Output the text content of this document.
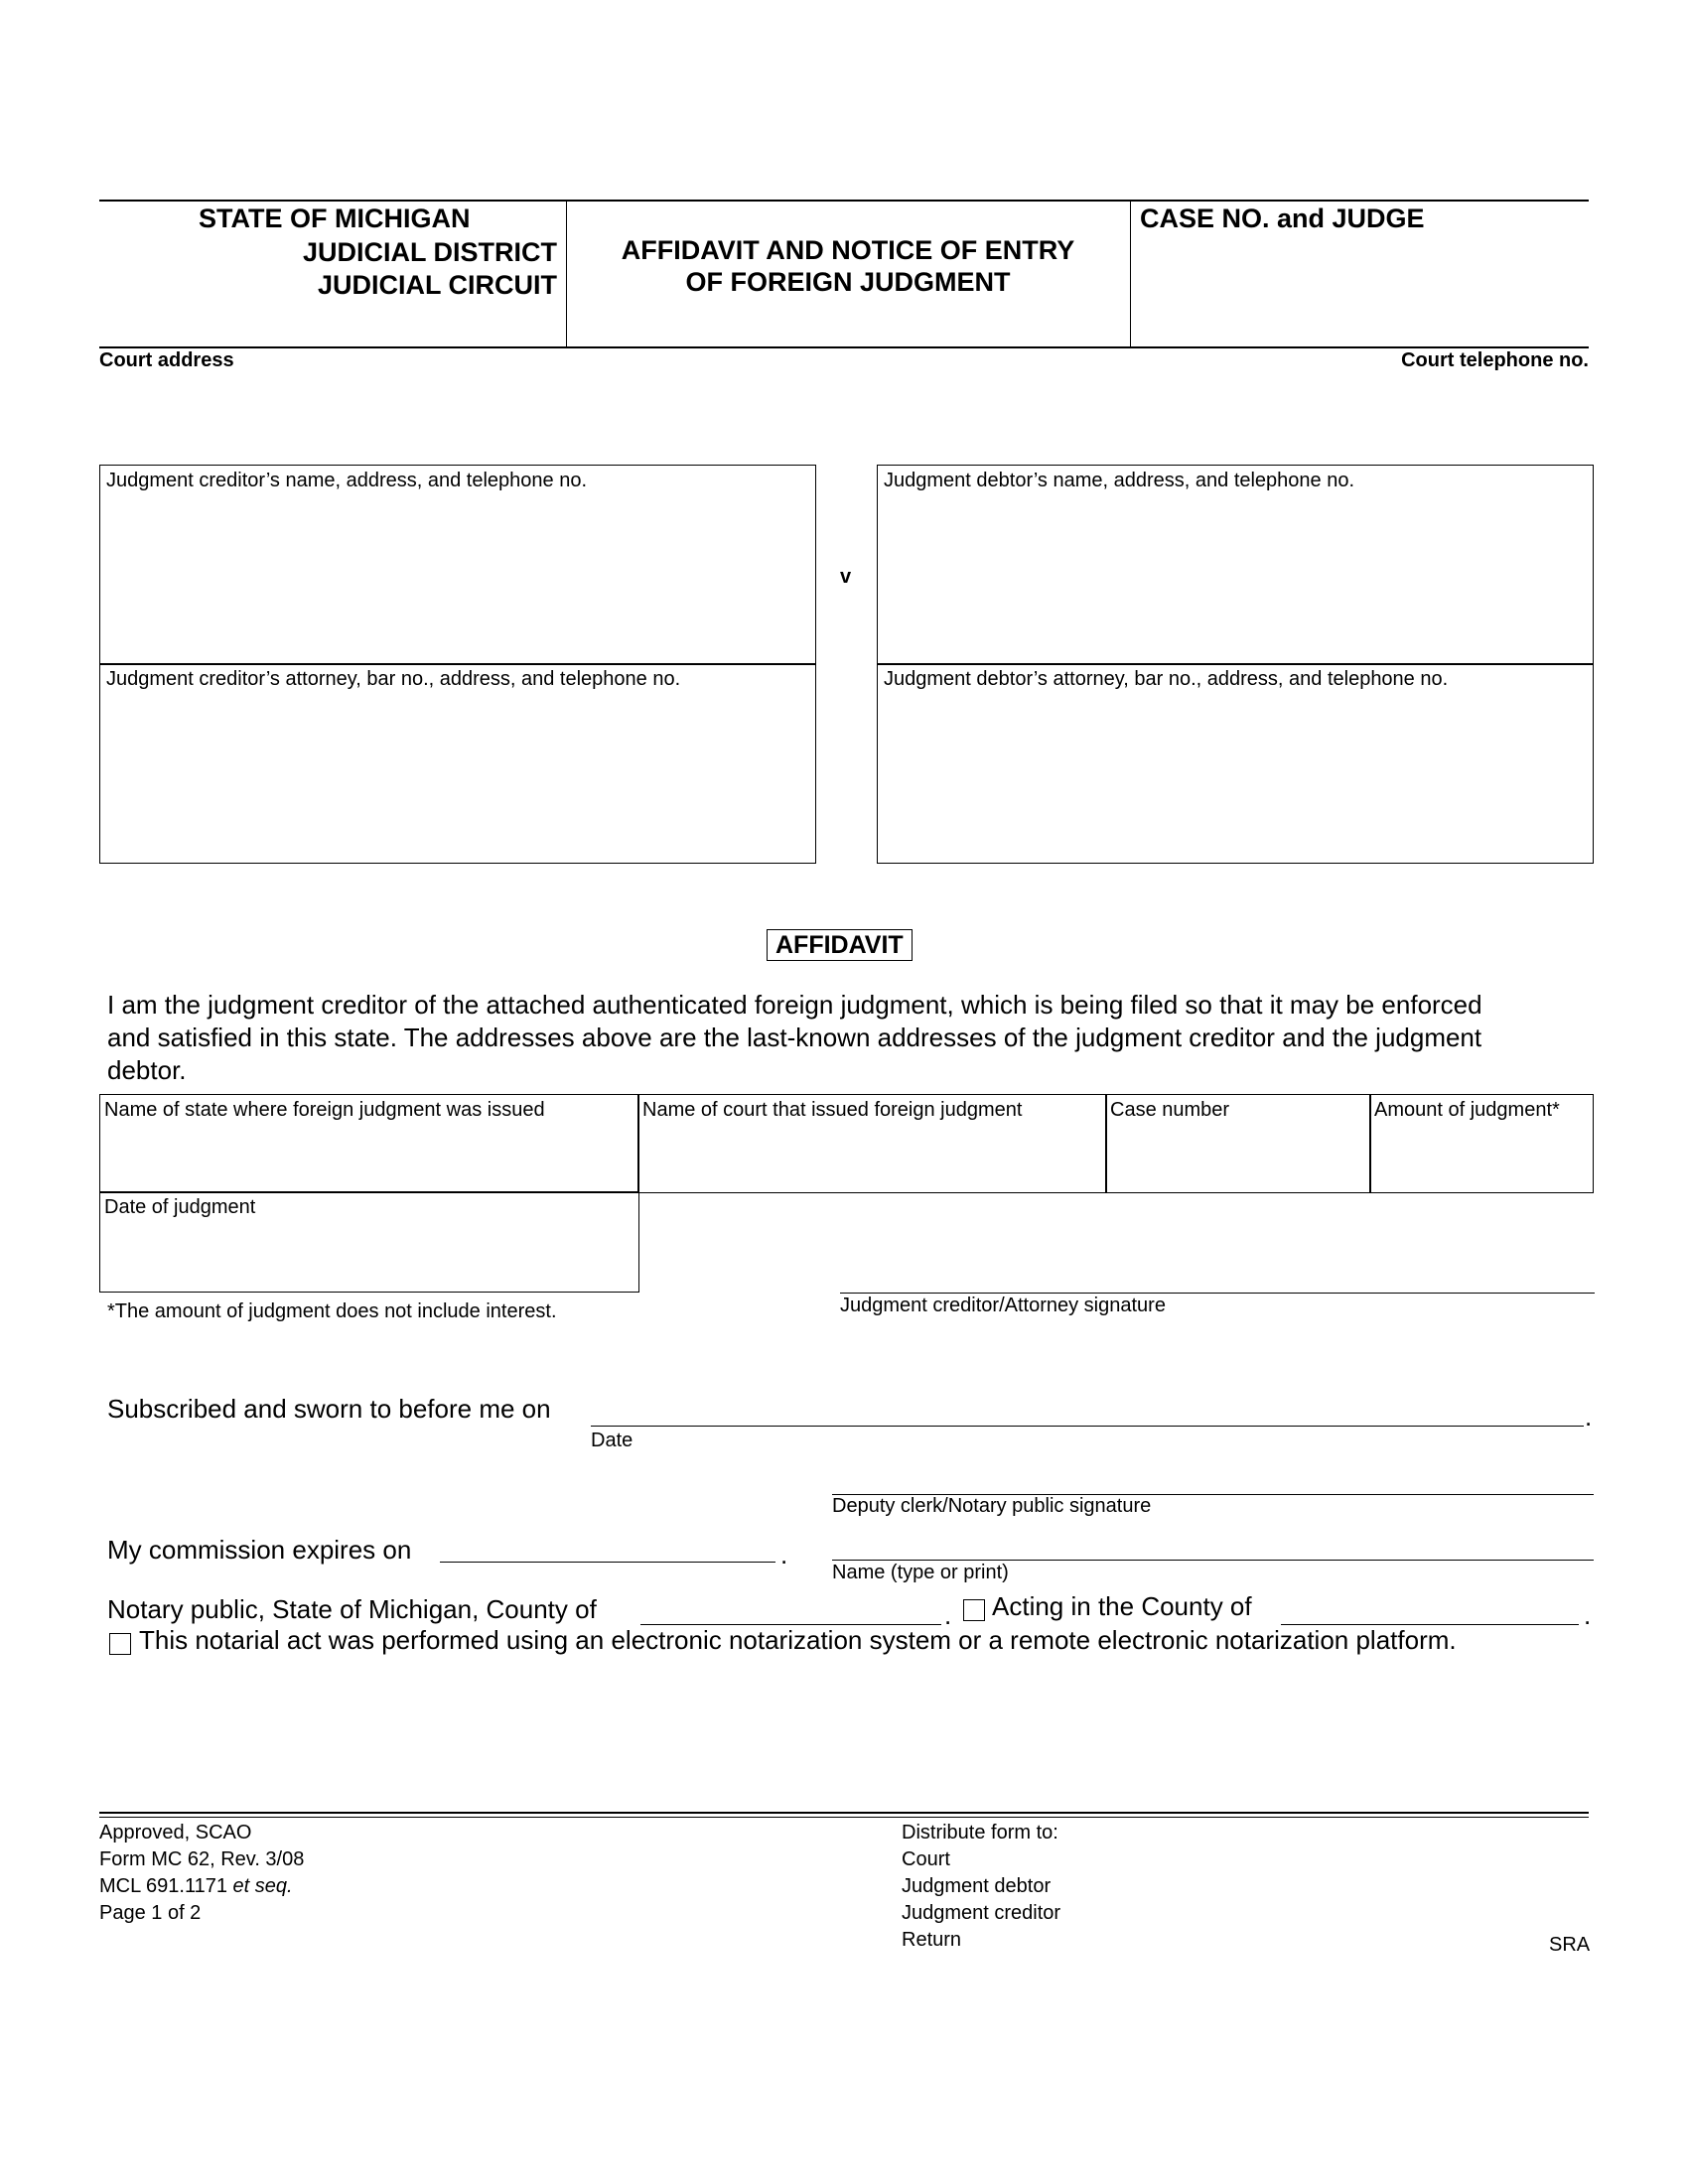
STATE OF MICHIGAN
JUDICIAL DISTRICT
JUDICIAL CIRCUIT
AFFIDAVIT AND NOTICE OF ENTRY
OF FOREIGN JUDGMENT
CASE NO. and JUDGE
Court address	Court telephone no.
Judgment creditor’s name, address, and telephone no.
Judgment creditor’s attorney, bar no., address, and telephone no.
v
Judgment debtor’s name, address, and telephone no.
Judgment debtor’s attorney, bar no., address, and telephone no.
AFFIDAVIT
I am the judgment creditor of the attached authenticated foreign judgment, which is being filed so that it may be enforced
and satisfied in this state. The addresses above are the last-known addresses of the judgment creditor and the judgment
debtor.
Name of state where foreign judgment was issued	Name of court that issued foreign judgment	Case number	Amount of judgment*
Date of judgment
*The amount of judgment does not include interest.	Judgment creditor/Attorney signature
Subscribed and sworn to before me on	.
Date
Deputy clerk/Notary public signature
My commission expires on	.
Name (type or print)
Notary public, State of Michigan, County of	. Acting in the County of	.
This notarial act was performed using an electronic notarization system or a remote electronic notarization platform.
Approved, SCAO
Form MC 62, Rev. 3/08
MCL 691.1171 et seq.
Page 1 of 2
Distribute form to:
Court
Judgment debtor
Judgment creditor
Return	SRA
